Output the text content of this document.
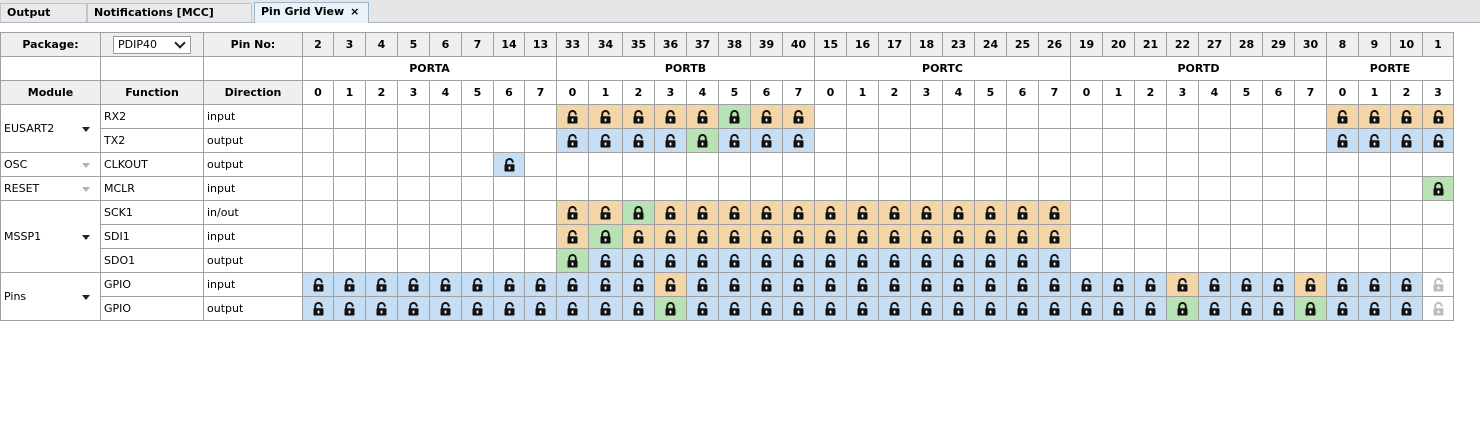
Output	Notifications [MCC]	Pin Grid View ×
Package:	PDIP40	Pin No:	2	3	4	5	6	7	14	13	33	34	35	36	37	38	39	40	15	16	17	18	23	24	25	26	19	20	21	22	27	28	29	30	8	9	10	1
			PORTA								PORTB								PORTC								PORTD								PORTE			
Module	Function	Direction	0	1	2	3	4	5	6	7	0	1	2	3	4	5	6	7	0	1	2	3	4	5	6	7	0	1	2	3	4	5	6	7	0	1	2	3
EUSART2	RX2	input									

	TX2	output									

OSC	CLKOUT	output							

RESET	MCLR	input																																				

MSSP1	SCK1	in/out									

	SDI1	input									

	SDO1	output									

Pins	GPIO	input	

	GPIO	output	
